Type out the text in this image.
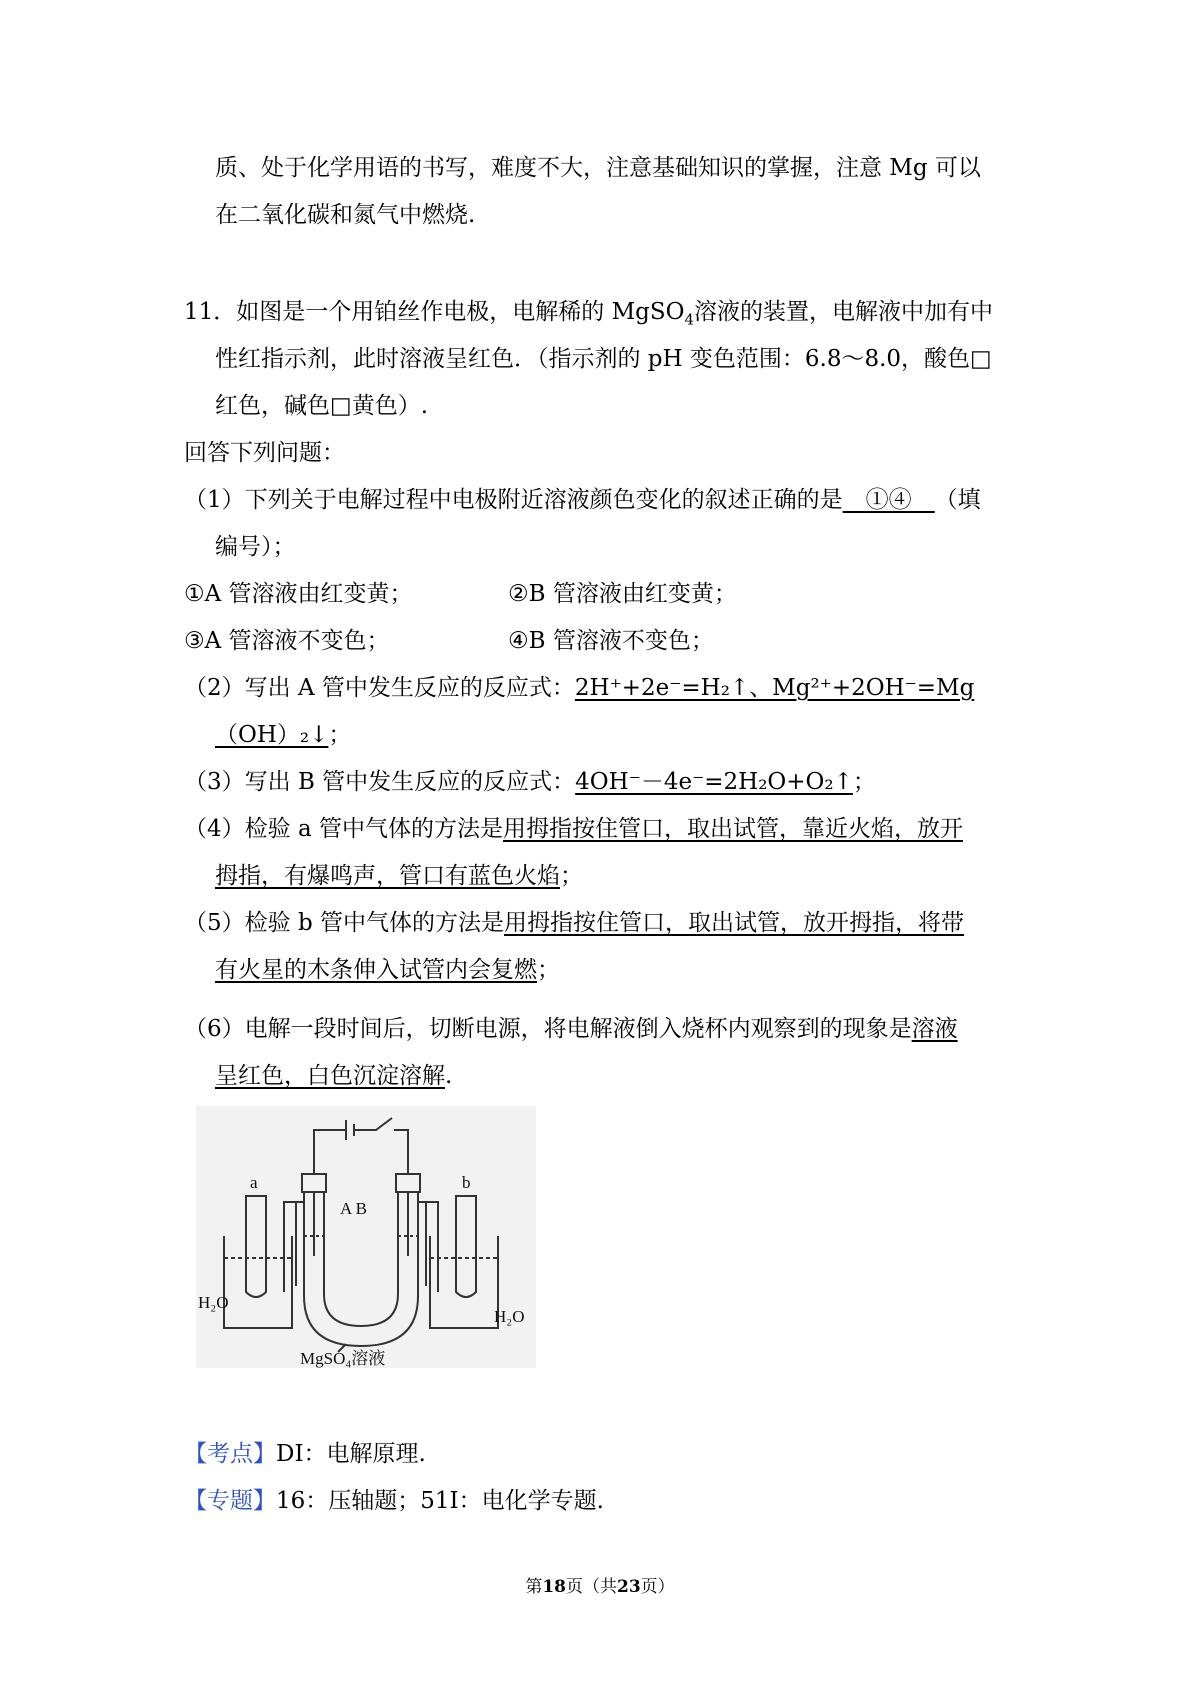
质、处于化学用语的书写，难度不大，注意基础知识的掌握，注意 Mg 可以
在二氧化碳和氮气中燃烧.
11．如图是一个用铂丝作电极，电解稀的 MgSO$_4$溶液的装置，电解液中加有中
性红指示剂，此时溶液呈红色．（指示剂的 pH 变色范围：6.8～8.0，酸色□
红色，碱色□黄色）.
回答下列问题：
（1）下列关于电解过程中电极附近溶液颜色变化的叙述正确的是__①④__（填
编号）；
①A 管溶液由红变黄；	②B 管溶液由红变黄；
③A 管溶液不变色；	④B 管溶液不变色；
（2）写出 A 管中发生反应的反应式：2H⁺+2e⁻=H₂↑、Mg²⁺+2OH⁻=Mg
（OH）₂↓；
（3）写出 B 管中发生反应的反应式：4OH⁻－4e⁻=2H₂O+O₂↑；
（4）检验 a 管中气体的方法是用拇指按住管口，取出试管，靠近火焰，放开
拇指，有爆鸣声，管口有蓝色火焰；
（5）检验 b 管中气体的方法是用拇指按住管口，取出试管，放开拇指，将带
有火星的木条伸入试管内会复燃；
（6）电解一段时间后，切断电源，将电解液倒入烧杯内观察到的现象是溶液
呈红色，白色沉淀溶解.
a	b
A B
H₂O
H₂O
MgSO₄溶液
【考点】DI：电解原理.
【专题】16：压轴题；51I：电化学专题.
第18页（共23页）
